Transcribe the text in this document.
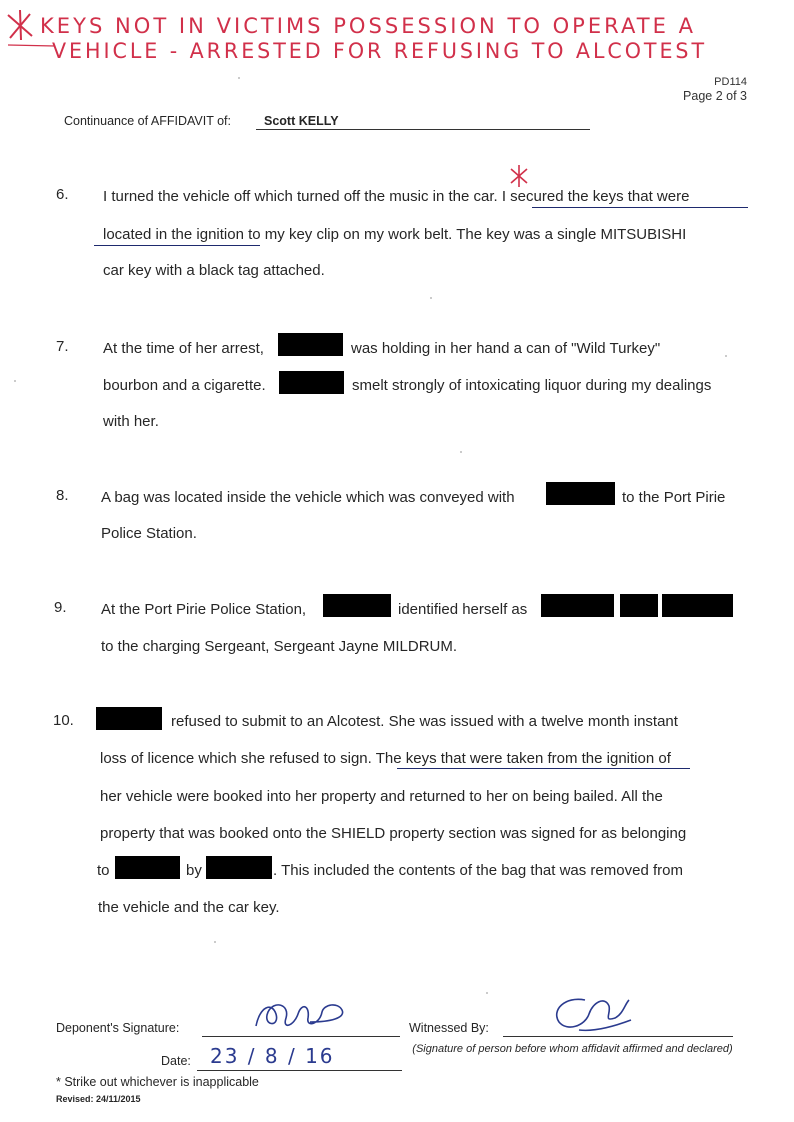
KEYS NOT IN VICTIMS POSSESSION TO OPERATE A
VEHICLE - ARRESTED FOR REFUSING TO ALCOTEST
PD114
Page 2 of 3
Continuance of AFFIDAVIT of:	Scott KELLY
6. I turned the vehicle off which turned off the music in the car. I secured the keys that were
located in the ignition to my key clip on my work belt. The key was a single MITSUBISHI
car key with a black tag attached.
7. At the time of her arrest,	was holding in her hand a can of "Wild Turkey"
bourbon and a cigarette.	smelt strongly of intoxicating liquor during my dealings
with her.
8. A bag was located inside the vehicle which was conveyed with	to the Port Pirie
Police Station.
9. At the Port Pirie Police Station,	identified herself as
to the charging Sergeant, Sergeant Jayne MILDRUM.
10.	refused to submit to an Alcotest. She was issued with a twelve month instant
loss of licence which she refused to sign. The keys that were taken from the ignition of
her vehicle were booked into her property and returned to her on being bailed. All the
property that was booked onto the SHIELD property section was signed for as belonging
to	by	. This included the contents of the bag that was removed from
the vehicle and the car key.
Deponent's Signature:	Witnessed By:
(Signature of person before whom affidavit affirmed and declared)
Date: 23 / 8 / 16
* Strike out whichever is inapplicable
Revised: 24/11/2015
